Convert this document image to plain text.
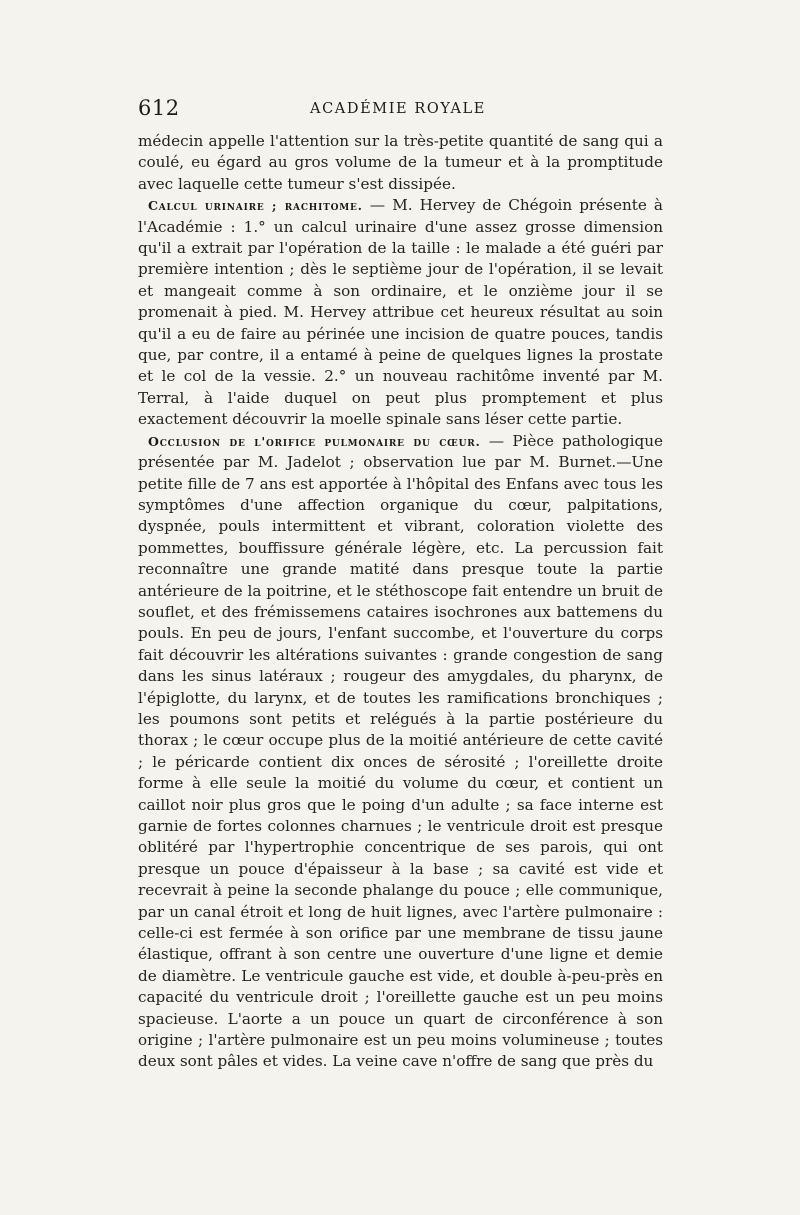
612	ACADÉMIE ROYALE

médecin appelle l'attention sur la très-petite quantité de sang qui a coulé, eu égard au gros volume de la tumeur et à la promptitude avec laquelle cette tumeur s'est dissipée.

Calcul urinaire ; rachitome. — M. Hervey de Chégoin présente à l'Académie : 1.° un calcul urinaire d'une assez grosse dimension qu'il a extrait par l'opération de la taille : le malade a été guéri par première intention ; dès le septième jour de l'opération, il se levait et mangeait comme à son ordinaire, et le onzième jour il se promenait à pied. M. Hervey attribue cet heureux résultat au soin qu'il a eu de faire au périnée une incision de quatre pouces, tandis que, par contre, il a entamé à peine de quelques lignes la prostate et le col de la vessie. 2.° un nouveau rachitôme inventé par M. Terral, à l'aide duquel on peut plus promptement et plus exactement découvrir la moelle spinale sans léser cette partie.

Occlusion de l'orifice pulmonaire du cœur. — Pièce pathologique présentée par M. Jadelot ; observation lue par M. Burnet.—Une petite fille de 7 ans est apportée à l'hôpital des Enfans avec tous les symptômes d'une affection organique du cœur, palpitations, dyspnée, pouls intermittent et vibrant, coloration violette des pommettes, bouffissure générale légère, etc. La percussion fait reconnaître une grande matité dans presque toute la partie antérieure de la poitrine, et le stéthoscope fait entendre un bruit de souflet, et des frémissemens cataires isochrones aux battemens du pouls. En peu de jours, l'enfant succombe, et l'ouverture du corps fait découvrir les altérations suivantes : grande congestion de sang dans les sinus latéraux ; rougeur des amygdales, du pharynx, de l'épiglotte, du larynx, et de toutes les ramifications bronchiques ; les poumons sont petits et relégués à la partie postérieure du thorax ; le cœur occupe plus de la moitié antérieure de cette cavité ; le péricarde contient dix onces de sérosité ; l'oreillette droite forme à elle seule la moitié du volume du cœur, et contient un caillot noir plus gros que le poing d'un adulte ; sa face interne est garnie de fortes colonnes charnues ; le ventricule droit est presque oblitéré par l'hypertrophie concentrique de ses parois, qui ont presque un pouce d'épaisseur à la base ; sa cavité est vide et recevrait à peine la seconde phalange du pouce ; elle communique, par un canal étroit et long de huit lignes, avec l'artère pulmonaire : celle-ci est fermée à son orifice par une membrane de tissu jaune élastique, offrant à son centre une ouverture d'une ligne et demie de diamètre. Le ventricule gauche est vide, et double à-peu-près en capacité du ventricule droit ; l'oreillette gauche est un peu moins spacieuse. L'aorte a un pouce un quart de circonférence à son origine ; l'artère pulmonaire est un peu moins volumineuse ; toutes deux sont pâles et vides. La veine cave n'offre de sang que près du
